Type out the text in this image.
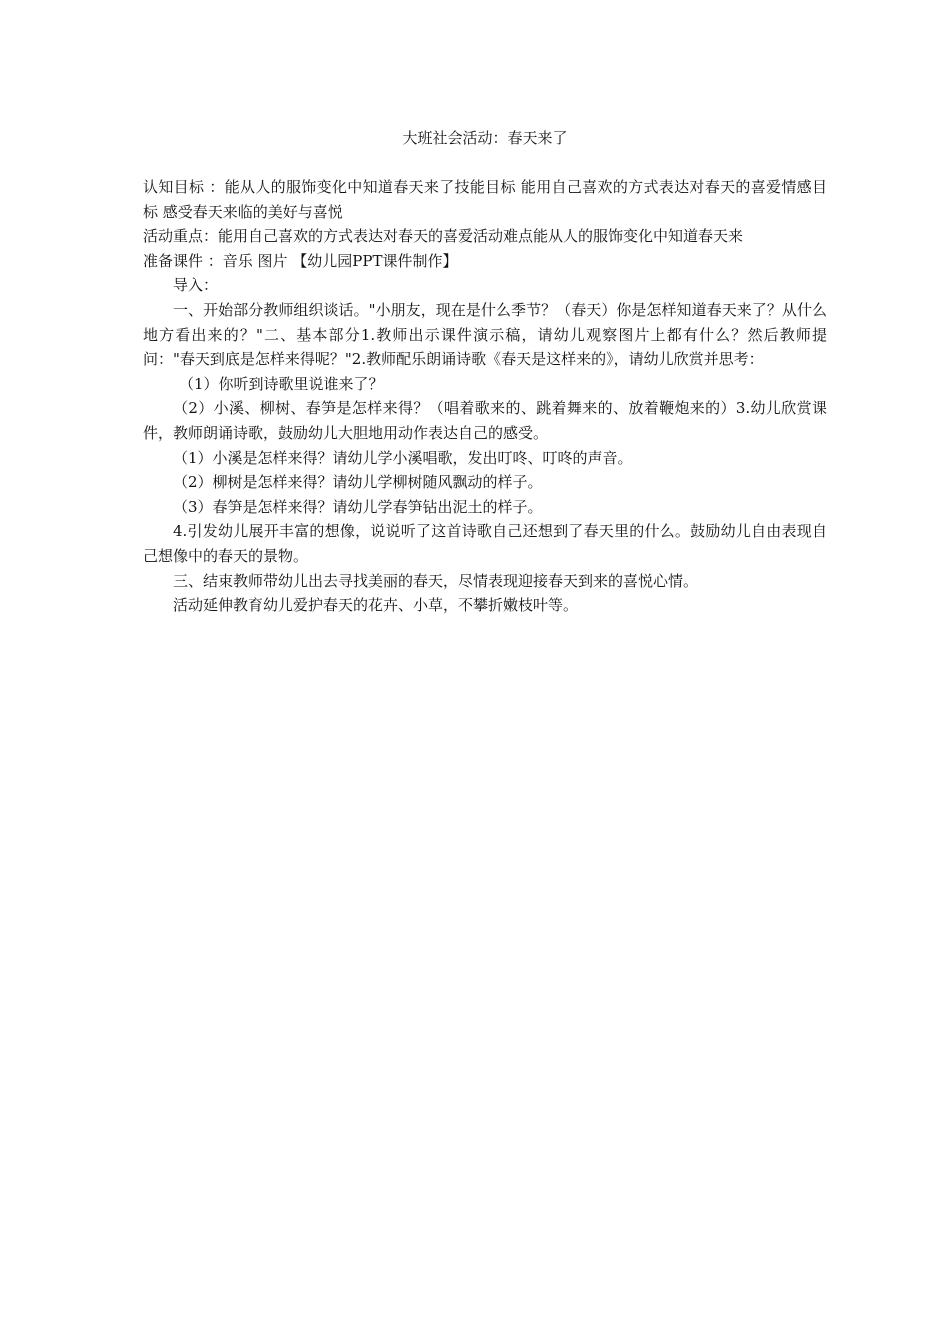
大班社会活动：春天来了

认知目标 ：能从人的服饰变化中知道春天来了技能目标 能用自己喜欢的方式表达对春天的喜爱情感目标 感受春天来临的美好与喜悦

活动重点：能用自己喜欢的方式表达对春天的喜爱活动难点能从人的服饰变化中知道春天来

准备课件 ：音乐 图片 【幼儿园PPT课件制作】

导入：

一、开始部分教师组织谈话。"小朋友，现在是什么季节？（春天）你是怎样知道春天来了？从什么地方看出来的？"二、基本部分1.教师出示课件演示稿，请幼儿观察图片上都有什么？然后教师提问："春天到底是怎样来得呢？"2.教师配乐朗诵诗歌《春天是这样来的》，请幼儿欣赏并思考：

（1）你听到诗歌里说谁来了？

（2）小溪、柳树、春笋是怎样来得？（唱着歌来的、跳着舞来的、放着鞭炮来的）3.幼儿欣赏课件，教师朗诵诗歌，鼓励幼儿大胆地用动作表达自己的感受。

（1）小溪是怎样来得？请幼儿学小溪唱歌，发出叮咚、叮咚的声音。

（2）柳树是怎样来得？请幼儿学柳树随风飘动的样子。

（3）春笋是怎样来得？请幼儿学春笋钻出泥土的样子。

4.引发幼儿展开丰富的想像，说说听了这首诗歌自己还想到了春天里的什么。鼓励幼儿自由表现自己想像中的春天的景物。

三、结束教师带幼儿出去寻找美丽的春天，尽情表现迎接春天到来的喜悦心情。

活动延伸教育幼儿爱护春天的花卉、小草，不攀折嫩枝叶等。
